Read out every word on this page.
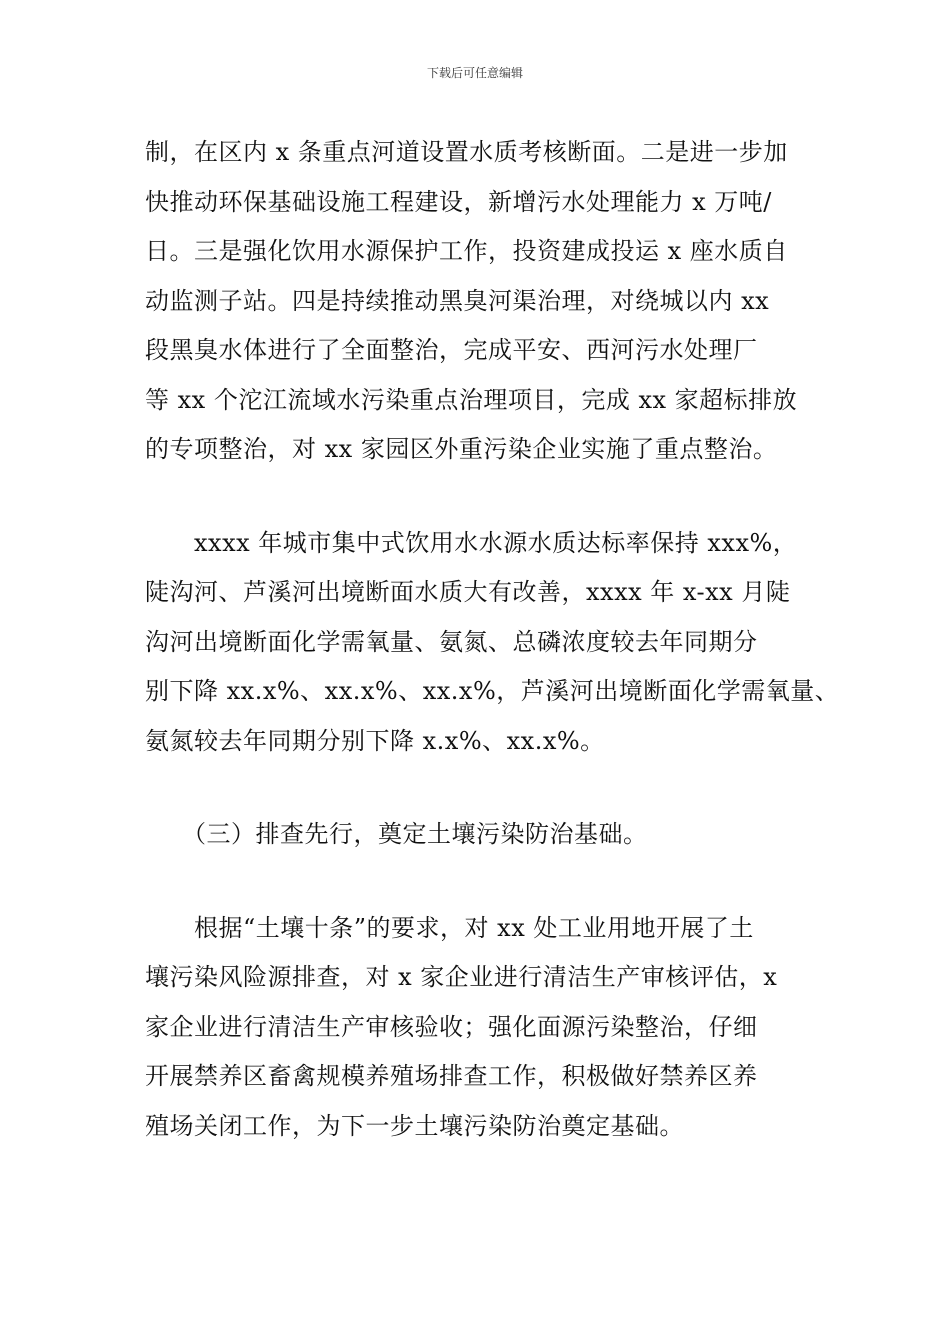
下载后可任意编辑

制，在区内 x 条重点河道设置水质考核断面。二是进一步加
快推动环保基础设施工程建设，新增污水处理能力 x 万吨/
日。三是强化饮用水源保护工作，投资建成投运 x 座水质自
动监测子站。四是持续推动黑臭河渠治理，对绕城以内 xx
段黑臭水体进行了全面整治，完成平安、西河污水处理厂
等 xx 个沱江流域水污染重点治理项目，完成 xx 家超标排放
的专项整治，对 xx 家园区外重污染企业实施了重点整治。

　　xxxx 年城市集中式饮用水水源水质达标率保持 xxx%，
陡沟河、芦溪河出境断面水质大有改善，xxxx 年 x-xx 月陡
沟河出境断面化学需氧量、氨氮、总磷浓度较去年同期分
别下降 xx.x%、xx.x%、xx.x%，芦溪河出境断面化学需氧量、
氨氮较去年同期分别下降 x.x%、xx.x%。

　　（三）排查先行，奠定土壤污染防治基础。

　　根据“土壤十条”的要求，对 xx 处工业用地开展了土
壤污染风险源排查，对 x 家企业进行清洁生产审核评估，x
家企业进行清洁生产审核验收；强化面源污染整治，仔细
开展禁养区畜禽规模养殖场排查工作，积极做好禁养区养
殖场关闭工作，为下一步土壤污染防治奠定基础。
